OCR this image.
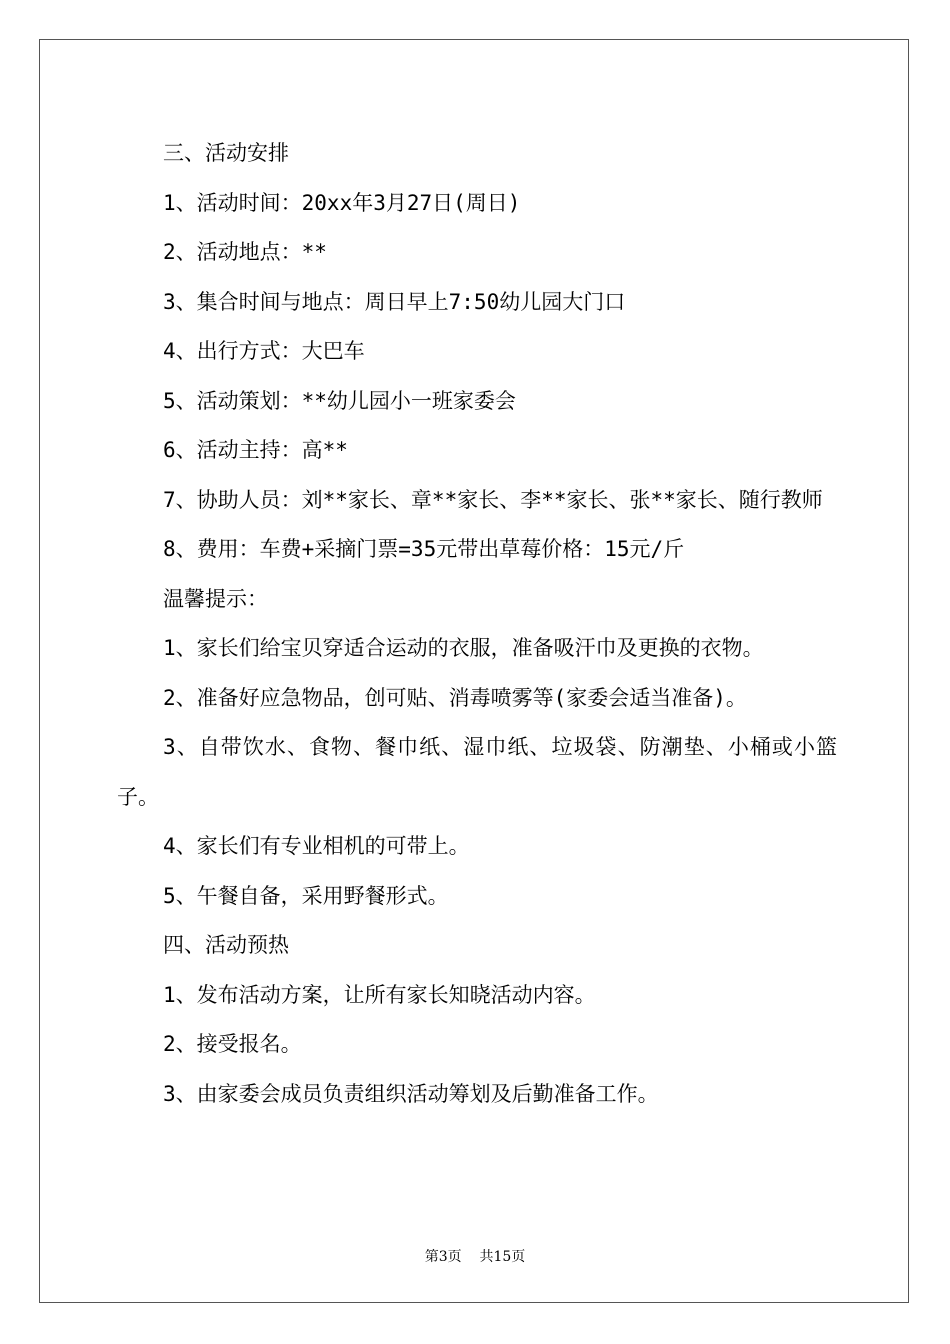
三、活动安排

1、活动时间：20xx年3月27日(周日)

2、活动地点：**

3、集合时间与地点：周日早上7:50幼儿园大门口

4、出行方式：大巴车

5、活动策划：**幼儿园小一班家委会

6、活动主持：高**

7、协助人员：刘**家长、章**家长、李**家长、张**家长、随行教师

8、费用：车费+采摘门票=35元带出草莓价格：15元/斤

温馨提示：

1、家长们给宝贝穿适合运动的衣服，准备吸汗巾及更换的衣物。

2、准备好应急物品，创可贴、消毒喷雾等(家委会适当准备)。

3、自带饮水、食物、餐巾纸、湿巾纸、垃圾袋、防潮垫、小桶或小篮子。

4、家长们有专业相机的可带上。

5、午餐自备，采用野餐形式。

四、活动预热

1、发布活动方案，让所有家长知晓活动内容。

2、接受报名。

3、由家委会成员负责组织活动筹划及后勤准备工作。

第3页 共15页
